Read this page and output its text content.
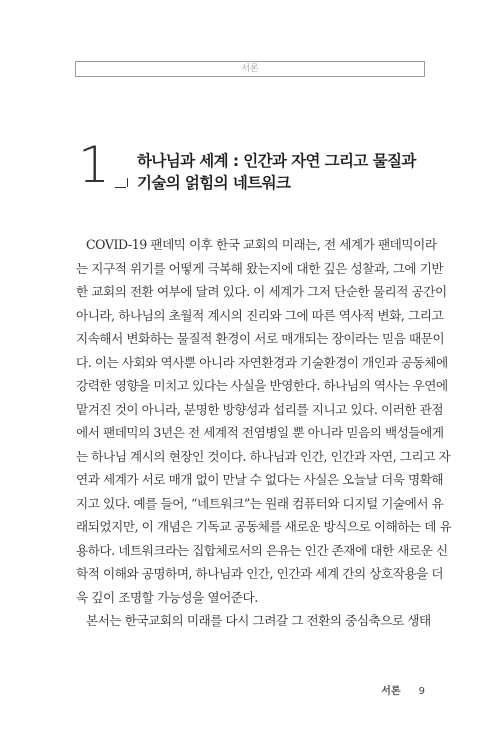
서론
1 하나님과 세계 : 인간과 자연 그리고 물질과
기술의 얽힘의 네트워크
COVID-19 팬데믹 이후 한국 교회의 미래는, 전 세계가 팬데믹이라
는 지구적 위기를 어떻게 극복해 왔는지에 대한 깊은 성찰과, 그에 기반
한 교회의 전환 여부에 달려 있다. 이 세계가 그저 단순한 물리적 공간이
아니라, 하나님의 초월적 계시의 진리와 그에 따른 역사적 변화, 그리고
지속해서 변화하는 물질적 환경이 서로 매개되는 장이라는 믿음 때문이
다. 이는 사회와 역사뿐 아니라 자연환경과 기술환경이 개인과 공동체에
강력한 영향을 미치고 있다는 사실을 반영한다. 하나님의 역사는 우연에
맡겨진 것이 아니라, 분명한 방향성과 섭리를 지니고 있다. 이러한 관점
에서 팬데믹의 3년은 전 세계적 전염병일 뿐 아니라 믿음의 백성들에게
는 하나님 계시의 현장인 것이다. 하나님과 인간, 인간과 자연, 그리고 자
연과 세계가 서로 매개 없이 만날 수 없다는 사실은 오늘날 더욱 명확해
지고 있다. 예를 들어, “네트워크”는 원래 컴퓨터와 디지털 기술에서 유
래되었지만, 이 개념은 기독교 공동체를 새로운 방식으로 이해하는 데 유
용하다. 네트워크라는 집합체로서의 은유는 인간 존재에 대한 새로운 신
학적 이해와 공명하며, 하나님과 인간, 인간과 세계 간의 상호작용을 더
욱 깊이 조명할 가능성을 열어준다.
본서는 한국교회의 미래를 다시 그려갈 그 전환의 중심축으로 생태
서론 9
